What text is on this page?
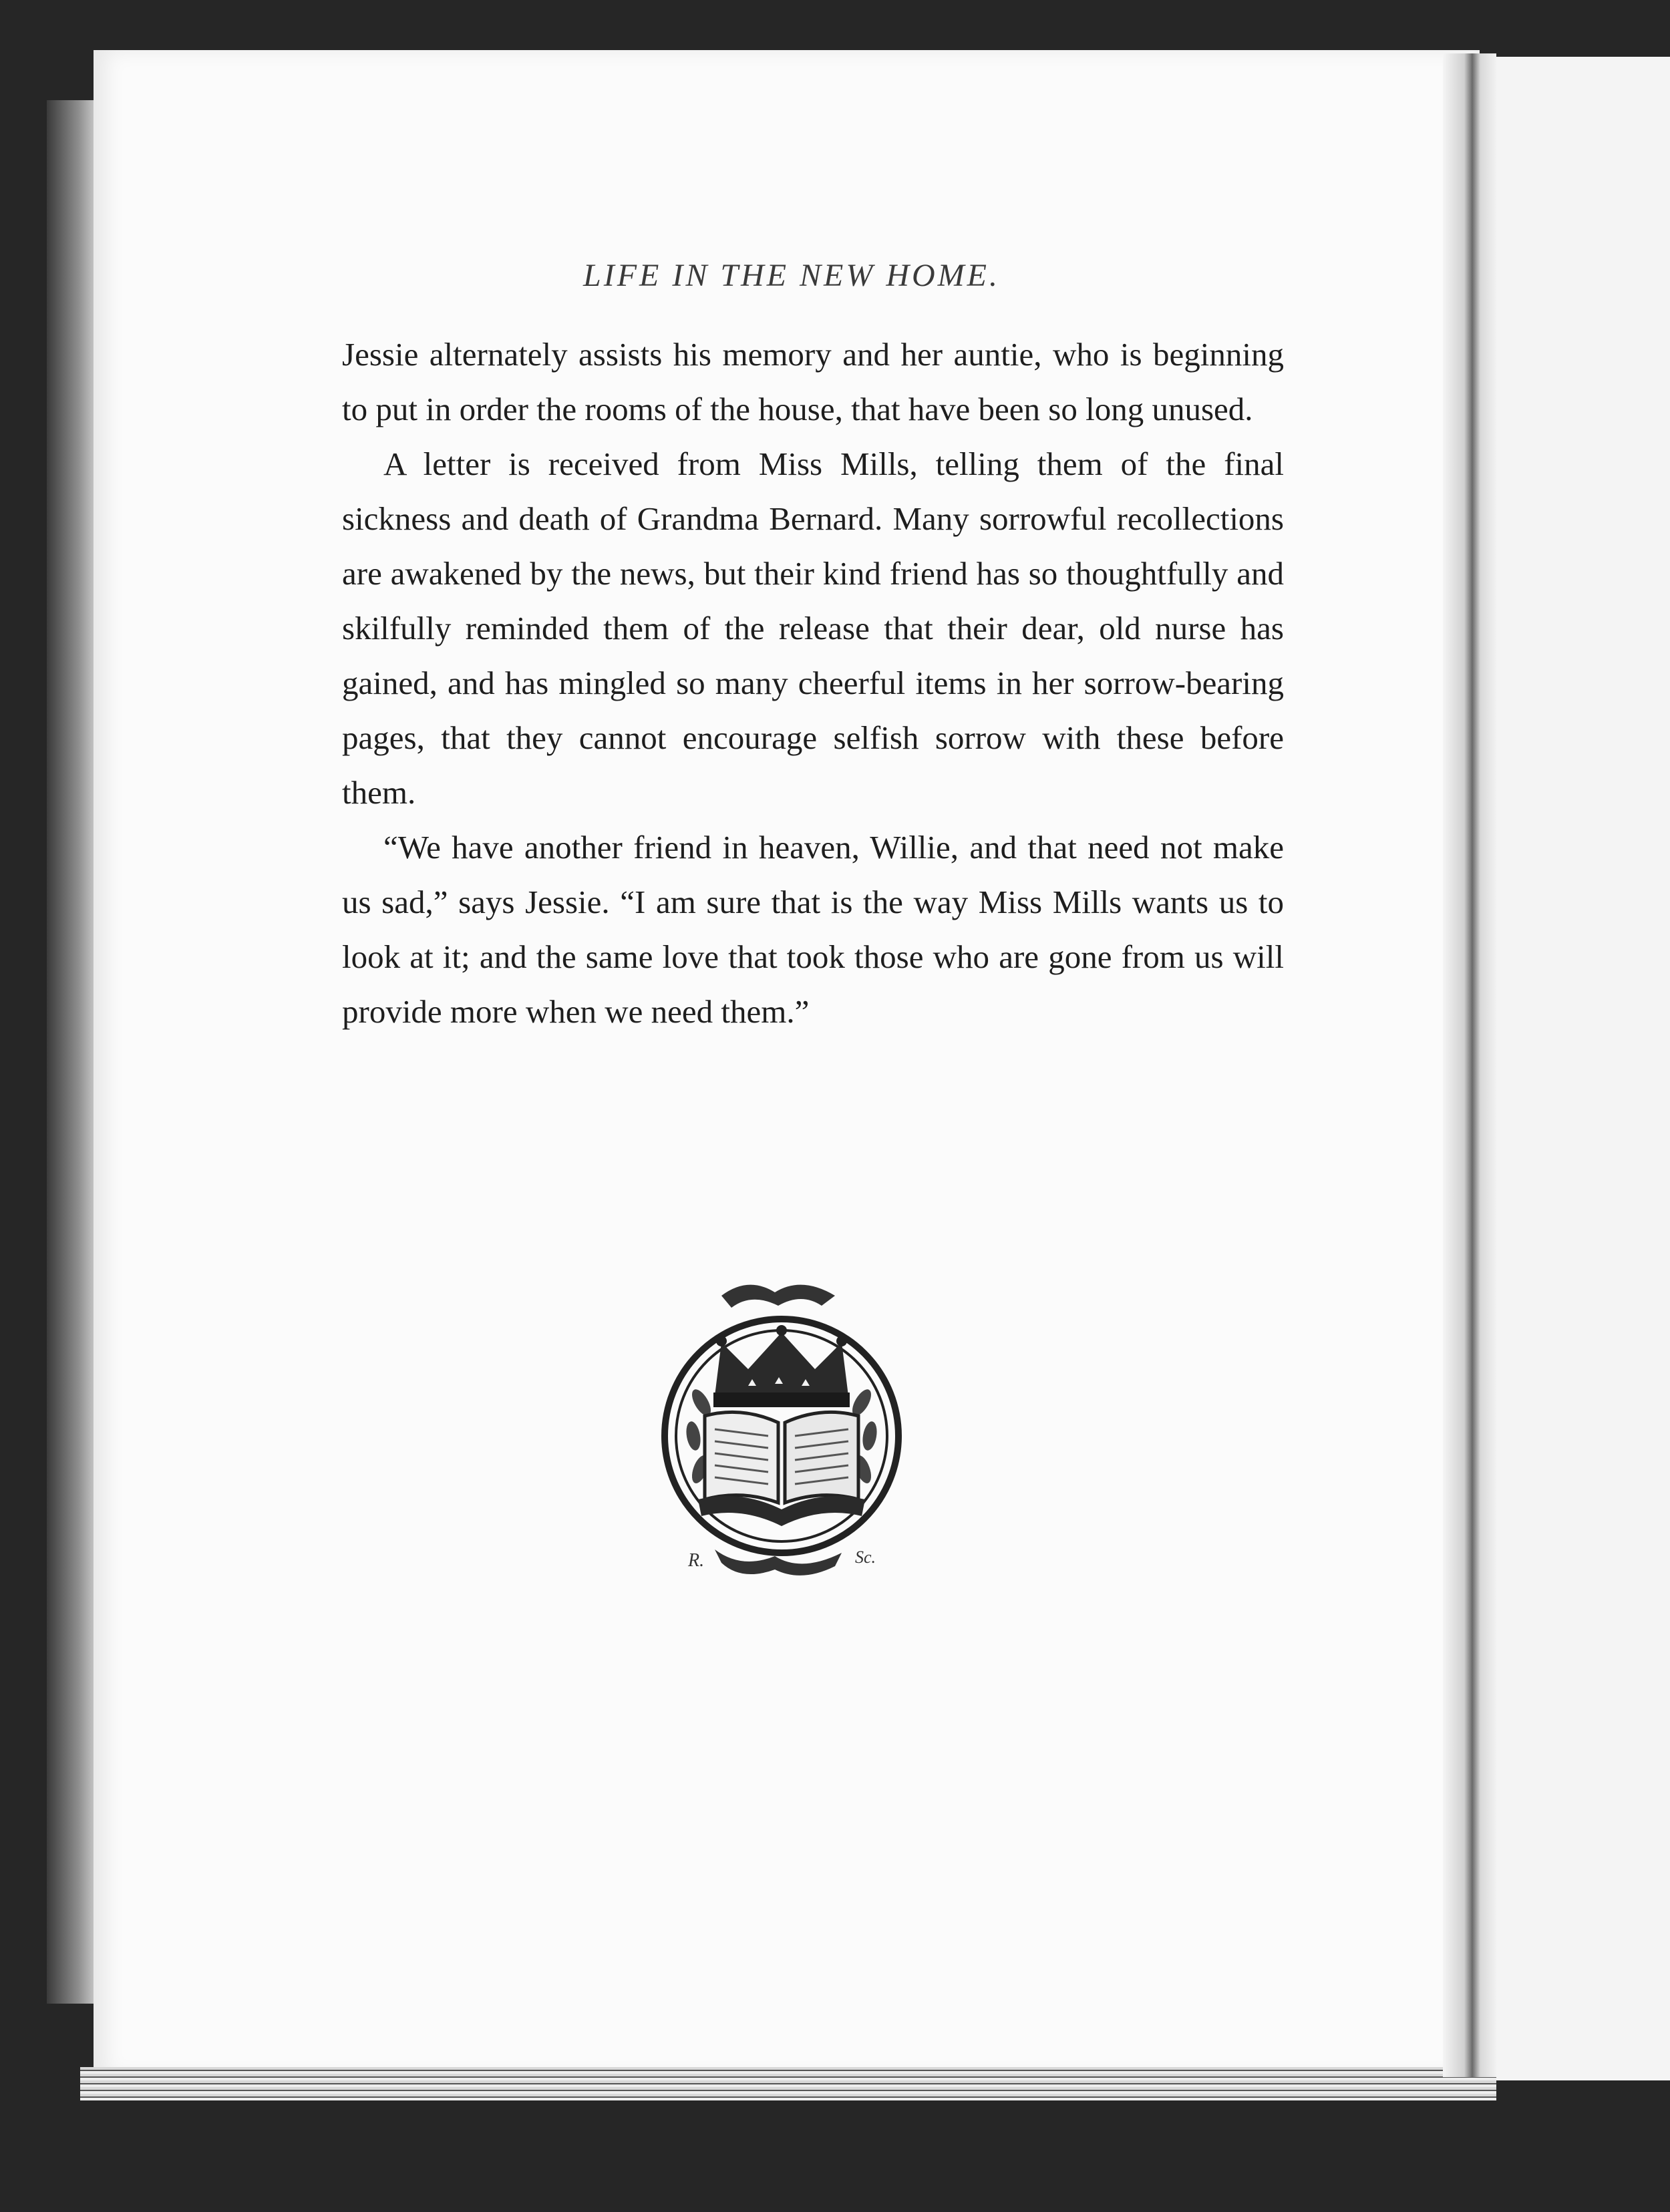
LIFE IN THE NEW HOME.

Jessie alternately assists his memory and her auntie, who is beginning to put in order the rooms of the house, that have been so long unused.

A letter is received from Miss Mills, telling them of the final sickness and death of Grandma Bernard. Many sorrowful recollections are awakened by the news, but their kind friend has so thoughtfully and skilfully reminded them of the release that their dear, old nurse has gained, and has mingled so many cheerful items in her sorrow-bearing pages, that they cannot encourage selfish sorrow with these before them.

“We have another friend in heaven, Willie, and that need not make us sad,” says Jessie. “I am sure that is the way Miss Mills wants us to look at it; and the same love that took those who are gone from us will provide more when we need them.”

R.	Sc.
